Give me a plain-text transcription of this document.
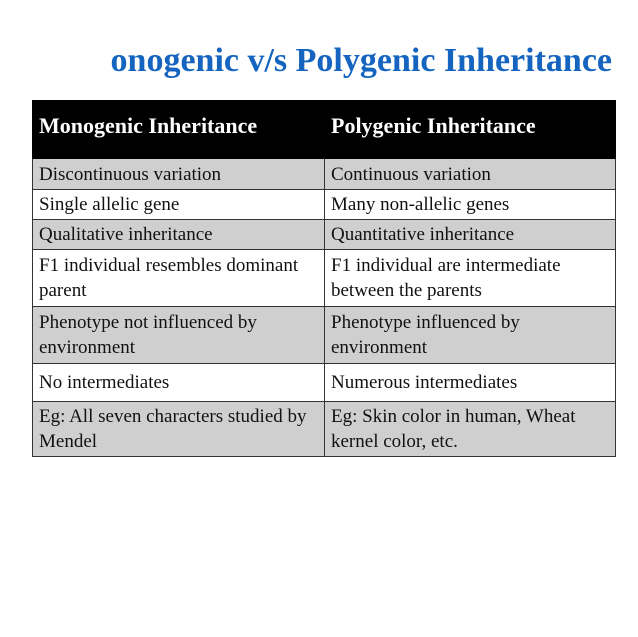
onogenic v/s Polygenic Inheritance
Monogenic Inheritance	Polygenic Inheritance
Discontinuous variation	Continuous variation
Single allelic gene	Many non-allelic genes
Qualitative inheritance	Quantitative inheritance
F1 individual resembles dominant parent	F1 individual are intermediate between the parents
Phenotype not influenced by environment	Phenotype influenced by environment
No intermediates	Numerous intermediates
Eg: All seven characters studied by Mendel	Eg: Skin color in human, Wheat kernel color, etc.
